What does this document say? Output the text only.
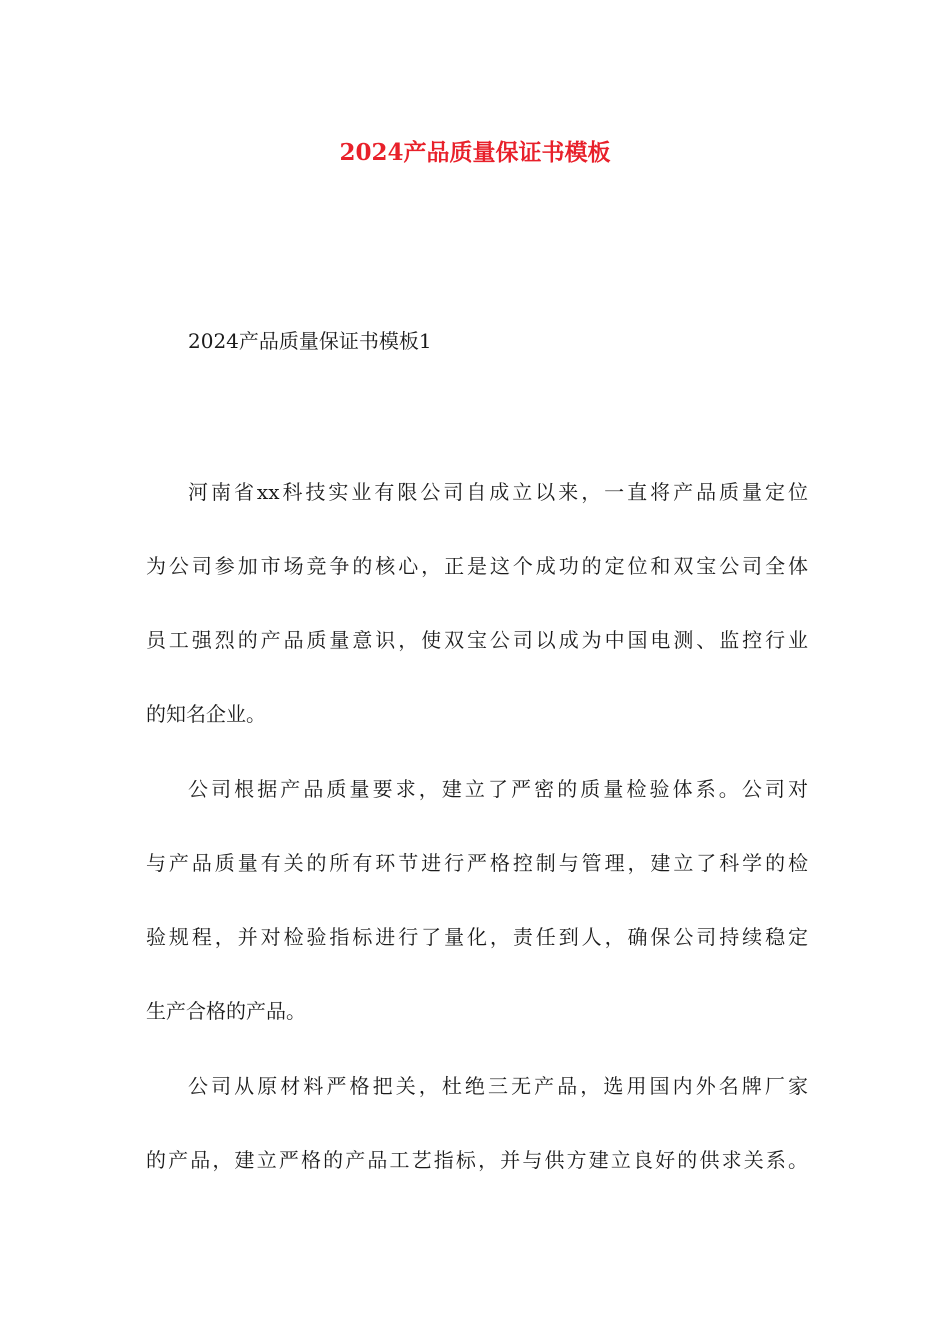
2024产品质量保证书模板

2024产品质量保证书模板1

河南省xx科技实业有限公司自成立以来，一直将产品质量定位
为公司参加市场竞争的核心，正是这个成功的定位和双宝公司全体
员工强烈的产品质量意识，使双宝公司以成为中国电测、监控行业
的知名企业。
公司根据产品质量要求，建立了严密的质量检验体系。公司对
与产品质量有关的所有环节进行严格控制与管理，建立了科学的检
验规程，并对检验指标进行了量化，责任到人，确保公司持续稳定
生产合格的产品。
公司从原材料严格把关，杜绝三无产品，选用国内外名牌厂家
的产品，建立严格的产品工艺指标，并与供方建立良好的供求关系。
